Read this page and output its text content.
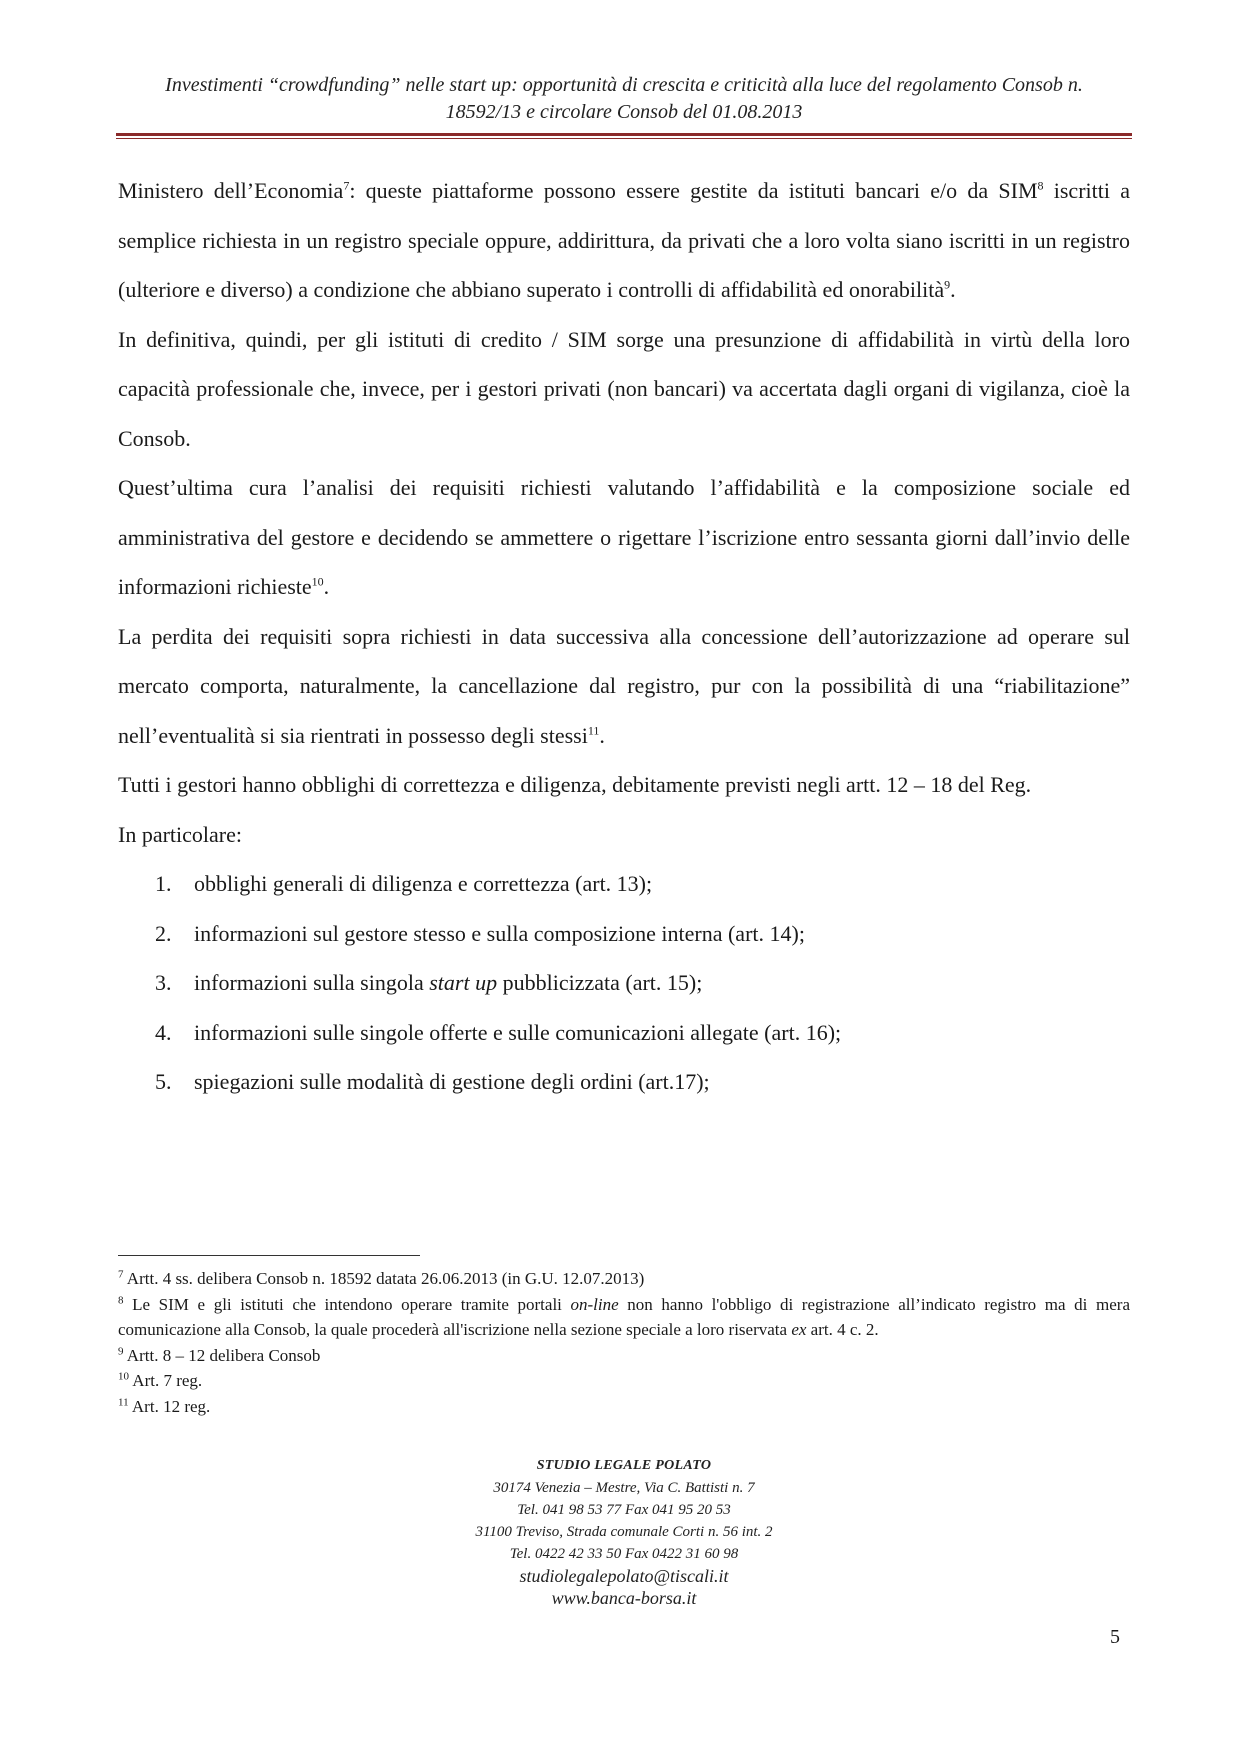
Investimenti “crowdfunding” nelle start up: opportunità di crescita e criticità alla luce del regolamento Consob n.
18592/13 e circolare Consob del 01.08.2013

Ministero dell’Economia$^7$: queste piattaforme possono essere gestite da istituti bancari e/o da SIM$^8$ iscritti a semplice richiesta in un registro speciale oppure, addirittura, da privati che a loro volta siano iscritti in un registro (ulteriore e diverso) a condizione che abbiano superato i controlli di affidabilità ed onorabilità$^9$.

In definitiva, quindi, per gli istituti di credito / SIM sorge una presunzione di affidabilità in virtù della loro capacità professionale che, invece, per i gestori privati (non bancari) va accertata dagli organi di vigilanza, cioè la Consob.

Quest’ultima cura l’analisi dei requisiti richiesti valutando l’affidabilità e la composizione sociale ed amministrativa del gestore e decidendo se ammettere o rigettare l’iscrizione entro sessanta giorni dall’invio delle informazioni richieste$^{10}$.

La perdita dei requisiti sopra richiesti in data successiva alla concessione dell’autorizzazione ad operare sul mercato comporta, naturalmente, la cancellazione dal registro, pur con la possibilità di una “riabilitazione” nell’eventualità si sia rientrati in possesso degli stessi$^{11}$.

Tutti i gestori hanno obblighi di correttezza e diligenza, debitamente previsti negli artt. 12 – 18 del Reg.

In particolare:

1.	obblighi generali di diligenza e correttezza (art. 13);
2.	informazioni sul gestore stesso e sulla composizione interna (art. 14);
3.	informazioni sulla singola start up pubblicizzata (art. 15);
4.	informazioni sulle singole offerte e sulle comunicazioni allegate (art. 16);
5.	spiegazioni sulle modalità di gestione degli ordini (art.17);

$^7$ Artt. 4 ss. delibera Consob n. 18592 datata 26.06.2013 (in G.U. 12.07.2013)

$^8$ Le SIM e gli istituti che intendono operare tramite portali on-line non hanno l'obbligo di registrazione all’indicato registro ma di mera comunicazione alla Consob, la quale procederà all'iscrizione nella sezione speciale a loro riservata ex art. 4 c. 2.

$^9$ Artt. 8 – 12 delibera Consob

$^{10}$ Art. 7 reg.

$^{11}$ Art. 12 reg.

STUDIO LEGALE POLATO
30174 Venezia – Mestre, Via C. Battisti n. 7
Tel. 041 98 53 77 Fax 041 95 20 53
31100 Treviso, Strada comunale Corti n. 56 int. 2
Tel. 0422 42 33 50 Fax 0422 31 60 98
studiolegalepolato@tiscali.it
www.banca-borsa.it
5
